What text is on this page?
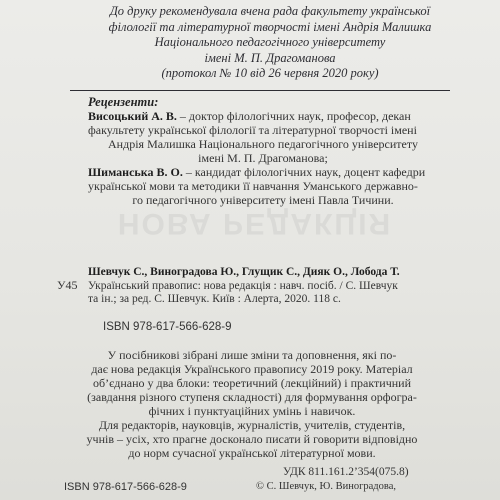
НОВА РЕДАКЦІЯ
До друку рекомендувала вчена рада факультету української
філології та літературної творчості імені Андрія Малишка
Національного педагогічного університету
імені М. П. Драгоманова
(протокол № 10 від 26 червня 2020 року)
Рецензенти:
Висоцький А. В. – доктор філологічних наук, професор, декан
факультету української філології та літературної творчості імені
Андрія Малишка Національного педагогічного університету
імені М. П. Драгоманова;
Шиманська В. О. – кандидат філологічних наук, доцент кафедри
української мови та методики її навчання Уманського державно-
го педагогічного університету імені Павла Тичини.
У45
Шевчук С., Виноградова Ю., Глущик С., Дияк О., Лобода Т.
Український правопис: нова редакція : навч. посіб. / С. Шевчук
та ін.; за ред. С. Шевчук. Київ : Алерта, 2020. 118 с.
ISBN 978-617-566-628-9
У посібникові зібрані лише зміни та доповнення, які по-
дає нова редакція Українського правопису 2019 року. Матеріал
об’єднано у два блоки: теоретичний (лекційний) і практичний
(завдання різного ступеня складності) для формування орфогра-
фічних і пунктуаційних умінь і навичок.
Для редакторів, науковців, журналістів, учителів, студентів,
учнів – усіх, хто прагне досконало писати й говорити відповідно
до норм сучасної української літературної мови.
УДК 811.161.2’354(075.8)
ISBN 978-617-566-628-9	© С. Шевчук, Ю. Виноградова,
